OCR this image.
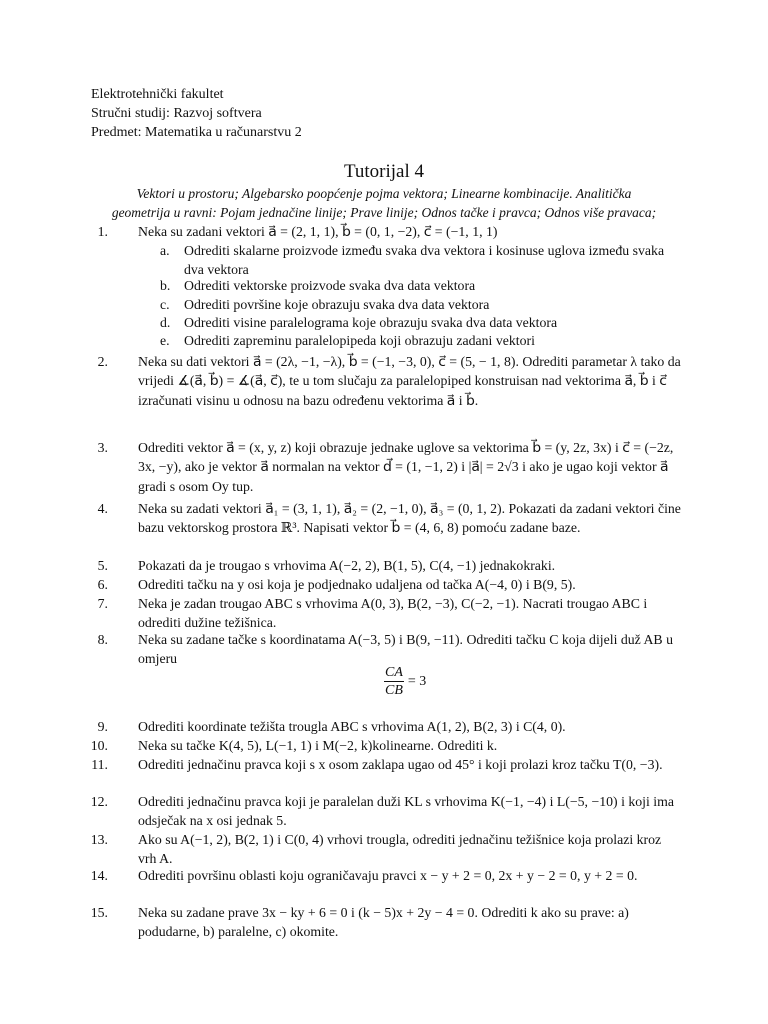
Elektrotehnički fakultet
Stručni studij: Razvoj softvera
Predmet: Matematika u računarstvu 2
Tutorijal 4
Vektori u prostoru; Algebarsko poopćenje pojma vektora; Linearne kombinacije. Analitička
geometrija u ravni: Pojam jednačine linije; Prave linije; Odnos tačke i pravca; Odnos više pravaca;
1. Neka su zadani vektori a⃗ = (2, 1, 1), b⃗ = (0, 1, −2), c⃗ = (−1, 1, 1)
a. Odrediti skalarne proizvode između svaka dva vektora i kosinuse uglova između svaka dva vektora
b. Odrediti vektorske proizvode svaka dva data vektora
c. Odrediti površine koje obrazuju svaka dva data vektora
d. Odrediti visine paralelograma koje obrazuju svaka dva data vektora
e. Odrediti zapreminu paralelopipeda koji obrazuju zadani vektori
2. Neka su dati vektori a⃗ = (2λ, −1, −λ), b⃗ = (−1, −3, 0), c⃗ = (5, − 1, 8). Odrediti parametar λ tako da vrijedi ∡(a⃗, b⃗) = ∡(a⃗, c⃗), te u tom slučaju za paralelopiped konstruisan nad vektorima a⃗, b⃗ i c⃗ izračunati visinu u odnosu na bazu određenu vektorima a⃗ i b⃗.
3. Odrediti vektor a⃗ = (x, y, z) koji obrazuje jednake uglove sa vektorima b⃗ = (y, 2z, 3x) i c⃗ = (−2z, 3x, −y), ako je vektor a⃗ normalan na vektor d⃗ = (1, −1, 2) i |a⃗| = 2√3 i ako je ugao koji vektor a⃗ gradi s osom Oy tup.
4. Neka su zadati vektori a⃗₁ = (3, 1, 1), a⃗₂ = (2, −1, 0), a⃗₃ = (0, 1, 2). Pokazati da zadani vektori čine bazu vektorskog prostora ℝ³. Napisati vektor b⃗ = (4, 6, 8) pomoću zadane baze.
5. Pokazati da je trougao s vrhovima A(−2, 2), B(1, 5), C(4, −1) jednakokraki.
6. Odrediti tačku na y osi koja je podjednako udaljena od tačka A(−4, 0) i B(9, 5).
7. Neka je zadan trougao ABC s vrhovima A(0, 3), B(2, −3), C(−2, −1). Nacrati trougao ABC i odrediti dužine težišnica.
8. Neka su zadane tačke s koordinatama A(−3, 5) i B(9, −11). Odrediti tačku C koja dijeli duž AB u omjeru
$\frac{CA}{CB} = 3$
9. Odrediti koordinate težišta trougla ABC s vrhovima A(1, 2), B(2, 3) i C(4, 0).
10. Neka su tačke K(4, 5), L(−1, 1) i M(−2, k)kolinearne. Odrediti k.
11. Odrediti jednačinu pravca koji s x osom zaklapa ugao od 45° i koji prolazi kroz tačku T(0, −3).
12. Odrediti jednačinu pravca koji je paralelan duži KL s vrhovima K(−1, −4) i L(−5, −10) i koji ima odsječak na x osi jednak 5.
13. Ako su A(−1, 2), B(2, 1) i C(0, 4) vrhovi trougla, odrediti jednačinu težišnice koja prolazi kroz vrh A.
14. Odrediti površinu oblasti koju ograničavaju pravci x − y + 2 = 0, 2x + y − 2 = 0, y + 2 = 0.
15. Neka su zadane prave 3x − ky + 6 = 0 i (k − 5)x + 2y − 4 = 0. Odrediti k ako su prave: a) podudarne, b) paralelne, c) okomite.
